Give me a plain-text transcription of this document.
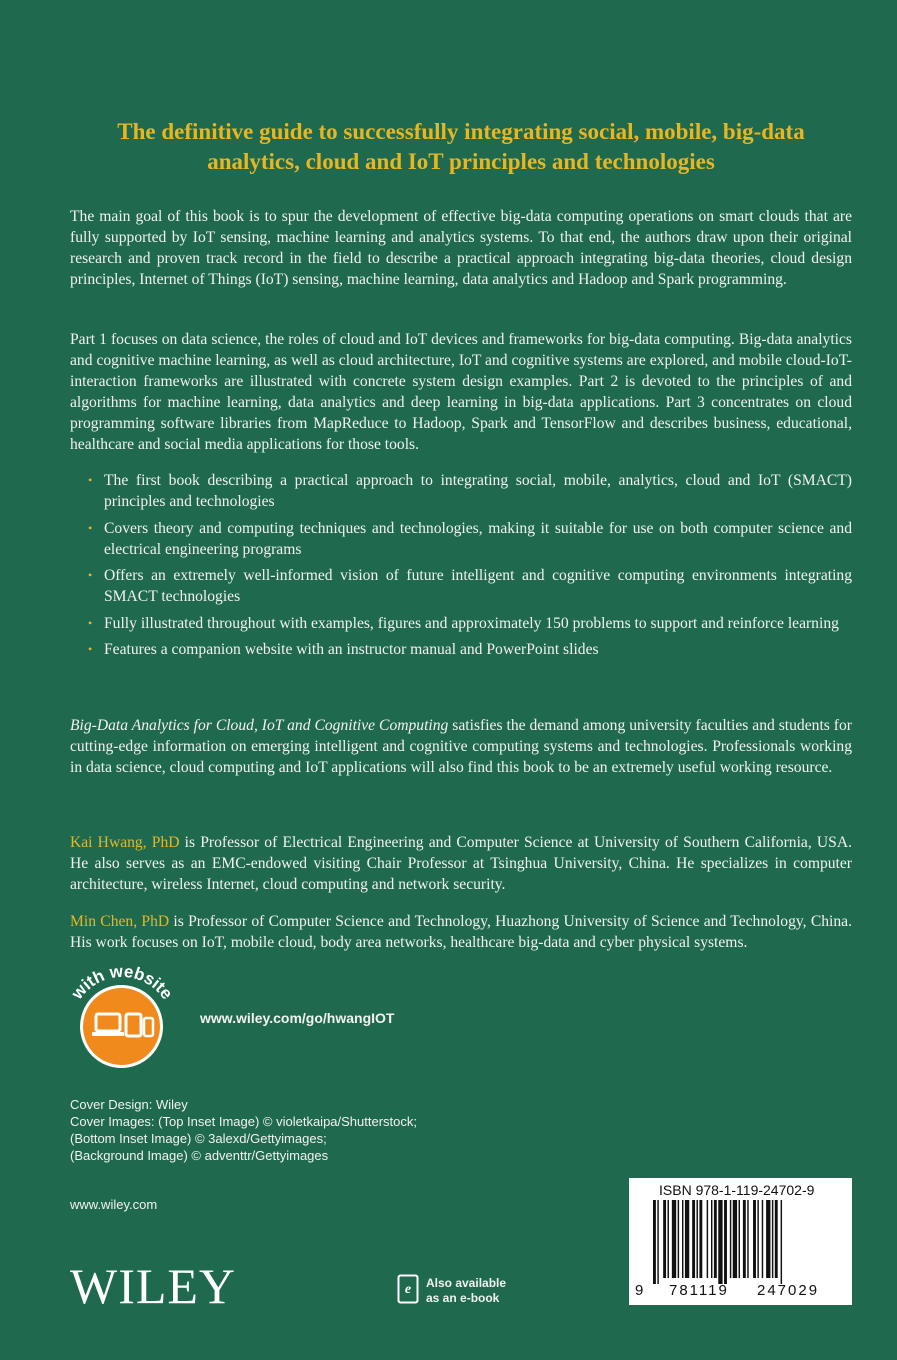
The definitive guide to successfully integrating social, mobile, big-data
analytics, cloud and IoT principles and technologies

The main goal of this book is to spur the development of effective big-data computing operations on smart clouds that are fully supported by IoT sensing, machine learning and analytics systems. To that end, the authors draw upon their original research and proven track record in the field to describe a practical approach integrating big-data theories, cloud design principles, Internet of Things (IoT) sensing, machine learning, data analytics and Hadoop and Spark programming.

Part 1 focuses on data science, the roles of cloud and IoT devices and frameworks for big-data computing. Big-data analytics and cognitive machine learning, as well as cloud architecture, IoT and cognitive systems are explored, and mobile cloud-IoT-interaction frameworks are illustrated with concrete system design examples. Part 2 is devoted to the principles of and algorithms for machine learning, data analytics and deep learning in big-data applications. Part 3 concentrates on cloud programming software libraries from MapReduce to Hadoop, Spark and TensorFlow and describes business, educational, healthcare and social media applications for those tools.

• The first book describing a practical approach to integrating social, mobile, analytics, cloud and IoT (SMACT) principles and technologies
• Covers theory and computing techniques and technologies, making it suitable for use on both computer science and electrical engineering programs
• Offers an extremely well-informed vision of future intelligent and cognitive computing environments integrating SMACT technologies
• Fully illustrated throughout with examples, figures and approximately 150 problems to support and reinforce learning
• Features a companion website with an instructor manual and PowerPoint slides

Big-Data Analytics for Cloud, IoT and Cognitive Computing satisfies the demand among university faculties and students for cutting-edge information on emerging intelligent and cognitive computing systems and technologies. Professionals working in data science, cloud computing and IoT applications will also find this book to be an extremely useful working resource.

Kai Hwang, PhD is Professor of Electrical Engineering and Computer Science at University of Southern California, USA. He also serves as an EMC-endowed visiting Chair Professor at Tsinghua University, China. He specializes in computer architecture, wireless Internet, cloud computing and network security.

Min Chen, PhD is Professor of Computer Science and Technology, Huazhong University of Science and Technology, China. His work focuses on IoT, mobile cloud, body area networks, healthcare big-data and cyber physical systems.

with website
www.wiley.com/go/hwangIOT
Cover Design: Wiley
Cover Images: (Top Inset Image) © violetkaipa/Shutterstock;
(Bottom Inset Image) © 3alexd/Gettyimages;
(Background Image) © adventtr/Gettyimages
www.wiley.com
WILEY	e Also available
as an e-book
ISBN 978-1-119-24702-9
9 781119 247029
